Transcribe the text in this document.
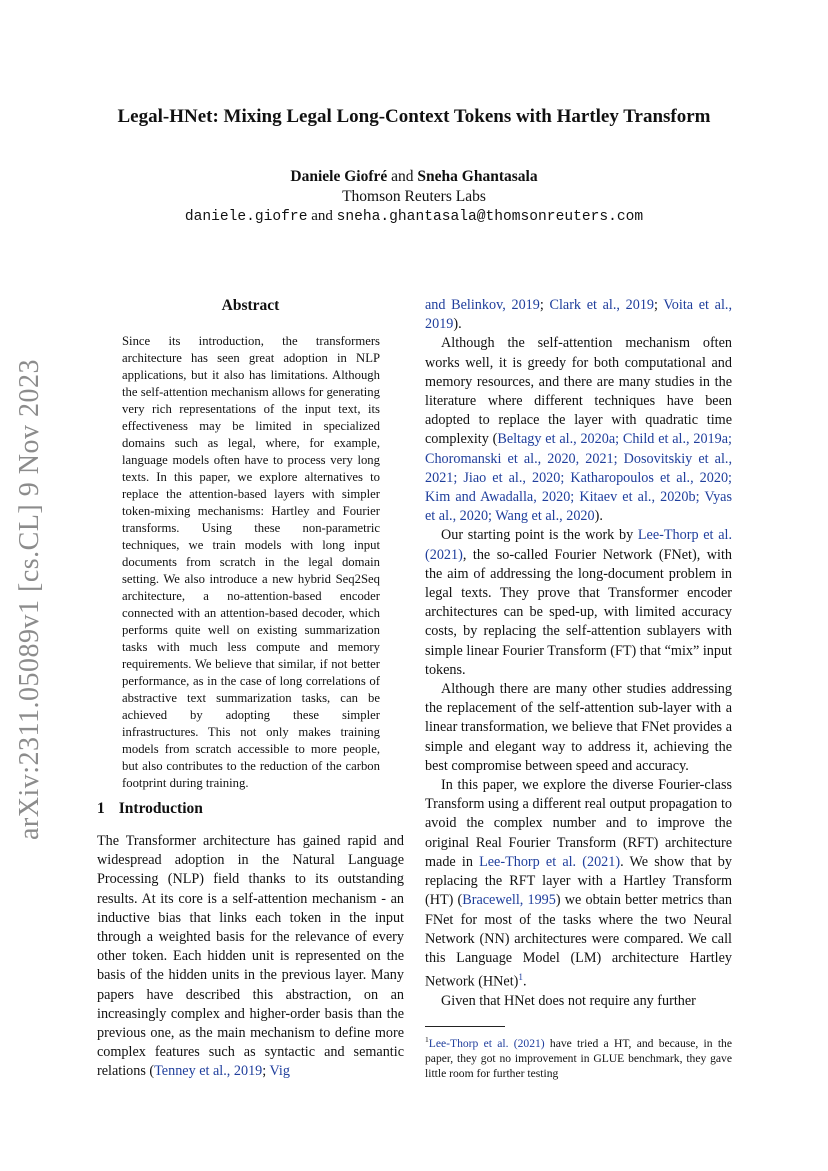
arXiv:2311.05089v1 [cs.CL] 9 Nov 2023
Legal-HNet: Mixing Legal Long-Context Tokens with Hartley Transform
Daniele Giofré and Sneha Ghantasala
Thomson Reuters Labs
daniele.giofre and sneha.ghantasala@thomsonreuters.com
Abstract
Since its introduction, the transformers architecture has seen great adoption in NLP applications, but it also has limitations. Although the self-attention mechanism allows for generating very rich representations of the input text, its effectiveness may be limited in specialized domains such as legal, where, for example, language models often have to process very long texts. In this paper, we explore alternatives to replace the attention-based layers with simpler token-mixing mechanisms: Hartley and Fourier transforms. Using these non-parametric techniques, we train models with long input documents from scratch in the legal domain setting. We also introduce a new hybrid Seq2Seq architecture, a no-attention-based encoder connected with an attention-based decoder, which performs quite well on existing summarization tasks with much less compute and memory requirements. We believe that similar, if not better performance, as in the case of long correlations of abstractive text summarization tasks, can be achieved by adopting these simpler infrastructures. This not only makes training models from scratch accessible to more people, but also contributes to the reduction of the carbon footprint during training.
1 Introduction

The Transformer architecture has gained rapid and widespread adoption in the Natural Language Processing (NLP) field thanks to its outstanding results. At its core is a self-attention mechanism - an inductive bias that links each token in the input through a weighted basis for the relevance of every other token. Each hidden unit is represented on the basis of the hidden units in the previous layer. Many papers have described this abstraction, on an increasingly complex and higher-order basis than the previous one, as the main mechanism to define more complex features such as syntactic and semantic relations (Tenney et al., 2019; Vig

and Belinkov, 2019; Clark et al., 2019; Voita et al., 2019).

Although the self-attention mechanism often works well, it is greedy for both computational and memory resources, and there are many studies in the literature where different techniques have been adopted to replace the layer with quadratic time complexity (Beltagy et al., 2020a; Child et al., 2019a; Choromanski et al., 2020, 2021; Dosovitskiy et al., 2021; Jiao et al., 2020; Katharopoulos et al., 2020; Kim and Awadalla, 2020; Kitaev et al., 2020b; Vyas et al., 2020; Wang et al., 2020).

Our starting point is the work by Lee-Thorp et al. (2021), the so-called Fourier Network (FNet), with the aim of addressing the long-document problem in legal texts. They prove that Transformer encoder architectures can be sped-up, with limited accuracy costs, by replacing the self-attention sublayers with simple linear Fourier Transform (FT) that “mix” input tokens.

Although there are many other studies addressing the replacement of the self-attention sub-layer with a linear transformation, we believe that FNet provides a simple and elegant way to address it, achieving the best compromise between speed and accuracy.

In this paper, we explore the diverse Fourier-class Transform using a different real output propagation to avoid the complex number and to improve the original Real Fourier Transform (RFT) architecture made in Lee-Thorp et al. (2021). We show that by replacing the RFT layer with a Hartley Transform (HT) (Bracewell, 1995) we obtain better metrics than FNet for most of the tasks where the two Neural Network (NN) architectures were compared. We call this Language Model (LM) architecture Hartley Network (HNet)$^1$.

Given that HNet does not require any further

$^1$Lee-Thorp et al. (2021) have tried a HT, and because, in the paper, they got no improvement in GLUE benchmark, they gave little room for further testing
